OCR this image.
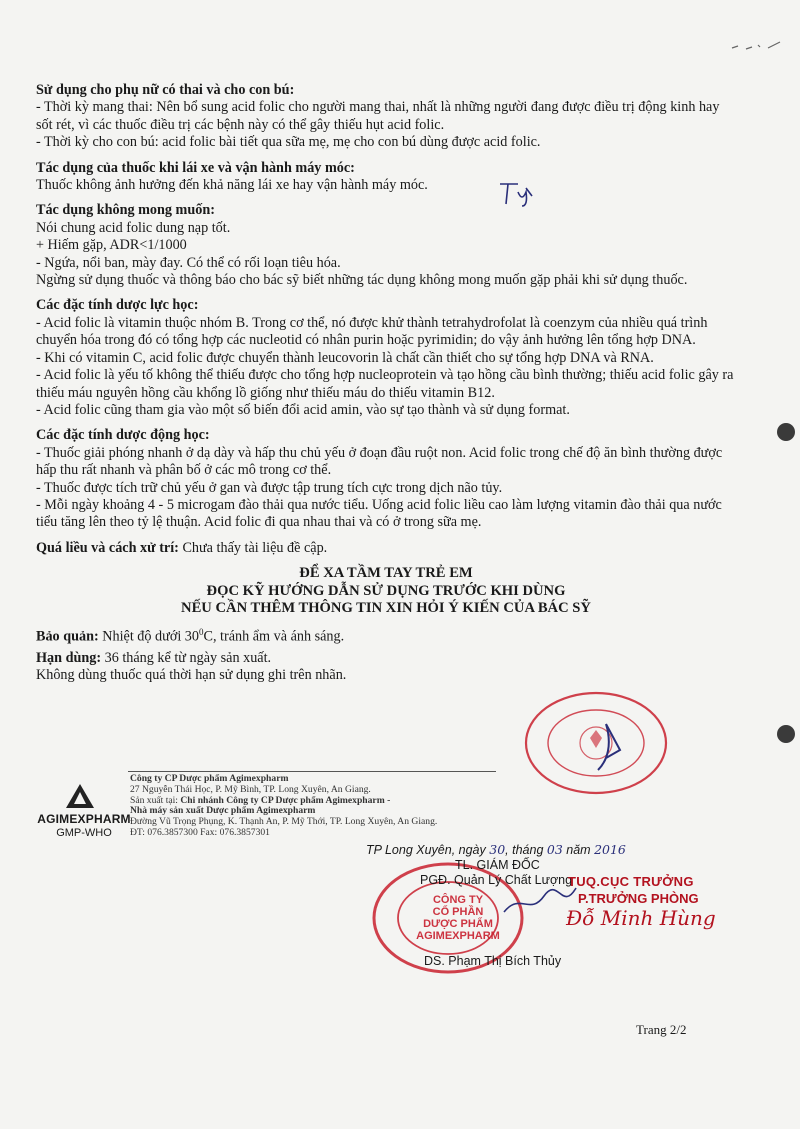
Sử dụng cho phụ nữ có thai và cho con bú:
- Thời kỳ mang thai: Nên bổ sung acid folic cho người mang thai, nhất là những người đang được điều trị động kinh hay sốt rét, vì các thuốc điều trị các bệnh này có thể gây thiếu hụt acid folic.
- Thời kỳ cho con bú: acid folic bài tiết qua sữa mẹ, mẹ cho con bú dùng được acid folic.
Tác dụng của thuốc khi lái xe và vận hành máy móc:
Thuốc không ảnh hưởng đến khả năng lái xe hay vận hành máy móc.
Tác dụng không mong muốn:
Nói chung acid folic dung nạp tốt.
+ Hiếm gặp, ADR<1/1000
- Ngứa, nổi ban, mày đay. Có thể có rối loạn tiêu hóa.
Ngừng sử dụng thuốc và thông báo cho bác sỹ biết những tác dụng không mong muốn gặp phải khi sử dụng thuốc.
Các đặc tính dược lực học:
- Acid folic là vitamin thuộc nhóm B. Trong cơ thể, nó được khử thành tetrahydrofolat là coenzym của nhiều quá trình chuyển hóa trong đó có tổng hợp các nucleotid có nhân purin hoặc pyrimidin; do vậy ảnh hưởng lên tổng hợp DNA.
- Khi có vitamin C, acid folic được chuyển thành leucovorin là chất cần thiết cho sự tổng hợp DNA và RNA.
- Acid folic là yếu tố không thể thiếu được cho tổng hợp nucleoprotein và tạo hồng cầu bình thường; thiếu acid folic gây ra thiếu máu nguyên hồng cầu khổng lồ giống như thiếu máu do thiếu vitamin B12.
- Acid folic cũng tham gia vào một số biến đổi acid amin, vào sự tạo thành và sử dụng format.
Các đặc tính dược động học:
- Thuốc giải phóng nhanh ở dạ dày và hấp thu chủ yếu ở đoạn đầu ruột non. Acid folic trong chế độ ăn bình thường được hấp thu rất nhanh và phân bố ở các mô trong cơ thể.
- Thuốc được tích trữ chủ yếu ở gan và được tập trung tích cực trong dịch não tủy.
- Mỗi ngày khoảng 4 - 5 microgam đào thải qua nước tiểu. Uống acid folic liều cao làm lượng vitamin đào thải qua nước tiểu tăng lên theo tỷ lệ thuận. Acid folic đi qua nhau thai và có ở trong sữa mẹ.
Quá liều và cách xử trí: Chưa thấy tài liệu đề cập.
ĐỂ XA TẦM TAY TRẺ EM
ĐỌC KỸ HƯỚNG DẪN SỬ DỤNG TRƯỚC KHI DÙNG
NẾU CẦN THÊM THÔNG TIN XIN HỎI Ý KIẾN CỦA BÁC SỸ
Bảo quản: Nhiệt độ dưới $30^0C$, tránh ẩm và ánh sáng.
Hạn dùng: 36 tháng kể từ ngày sản xuất.
Không dùng thuốc quá thời hạn sử dụng ghi trên nhãn.
AGIMEXPHARM
GMP-WHO
Công ty CP Dược phẩm Agimexpharm
27 Nguyễn Thái Học, P. Mỹ Bình, TP. Long Xuyên, An Giang.
Sản xuất tại: Chi nhánh Công ty CP Dược phẩm Agimexpharm -
Nhà máy sản xuất Dược phẩm Agimexpharm
Đường Vũ Trọng Phụng, K. Thạnh An, P. Mỹ Thới, TP. Long Xuyên, An Giang.
ĐT: 076.3857300 Fax: 076.3857301
TP Long Xuyên, ngày 30, tháng 03 năm 2016
CÔNG TY
CỔ PHẦN
DƯỢC PHẨM
AGIMEXPHARM
TL. GIÁM ĐỐC
PGĐ. Quản Lý Chất Lượng
DS. Phạm Thị Bích Thủy
TUQ.CỤC TRƯỞNG
P.TRƯỞNG PHÒNG
Đỗ Minh Hùng
Trang 2/2
